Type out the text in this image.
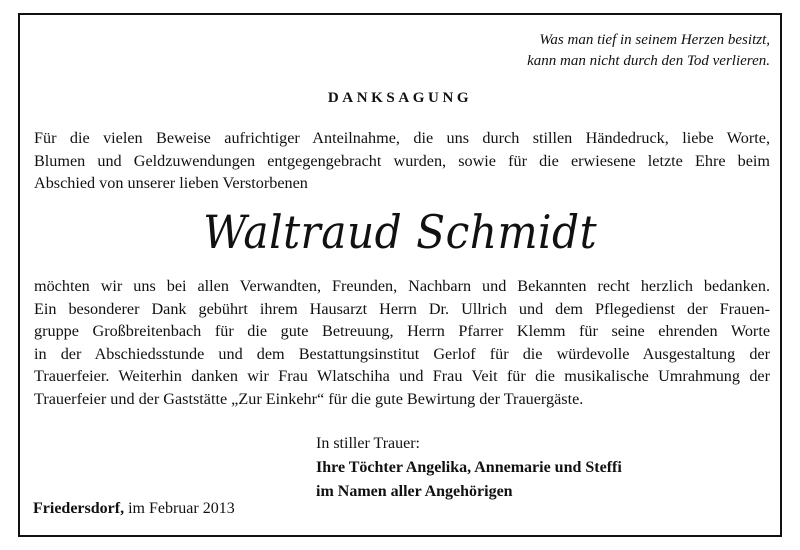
Was man tief in seinem Herzen besitzt,
kann man nicht durch den Tod verlieren.
DANKSAGUNG
Für die vielen Beweise aufrichtiger Anteilnahme, die uns durch stillen Händedruck, liebe Worte,
Blumen und Geldzuwendungen entgegengebracht wurden, sowie für die erwiesene letzte Ehre beim
Abschied von unserer lieben Verstorbenen
Waltraud Schmidt
möchten wir uns bei allen Verwandten, Freunden, Nachbarn und Bekannten recht herzlich bedanken.
Ein besonderer Dank gebührt ihrem Hausarzt Herrn Dr. Ullrich und dem Pflegedienst der Frauen-
gruppe Großbreitenbach für die gute Betreuung, Herrn Pfarrer Klemm für seine ehrenden Worte
in der Abschiedsstunde und dem Bestattungsinstitut Gerlof für die würdevolle Ausgestaltung der
Trauerfeier. Weiterhin danken wir Frau Wlatschiha und Frau Veit für die musikalische Umrahmung der
Trauerfeier und der Gaststätte „Zur Einkehr“ für die gute Bewirtung der Trauergäste.
In stiller Trauer:
Ihre Töchter Angelika, Annemarie und Steffi
im Namen aller Angehörigen
Friedersdorf, im Februar 2013
